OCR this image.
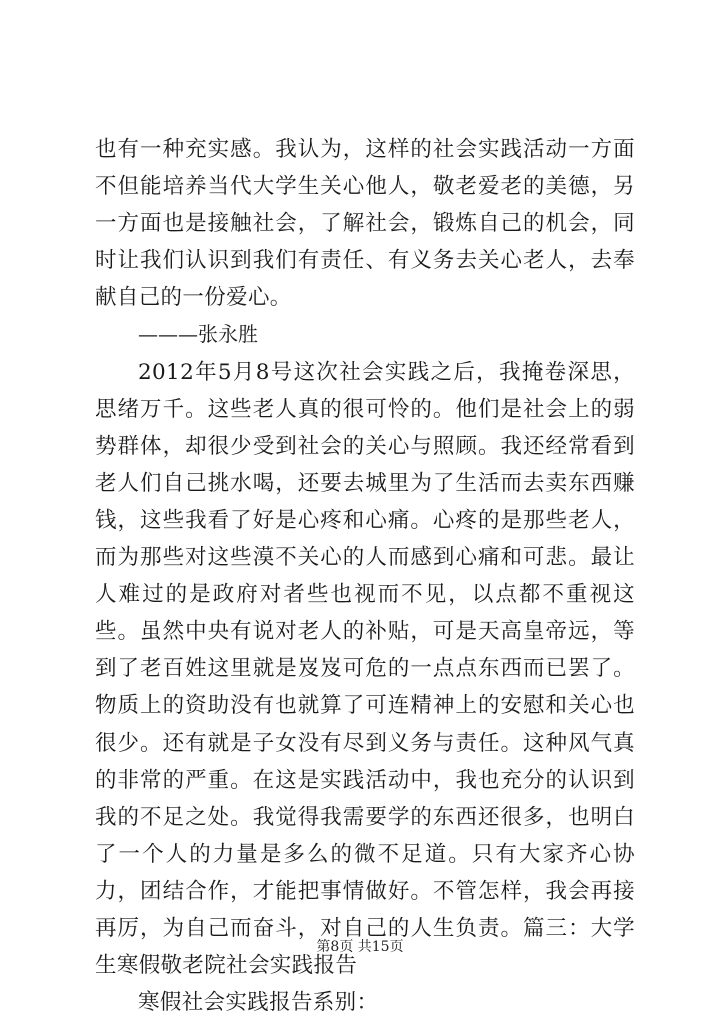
也有一种充实感。我认为，这样的社会实践活动一方面不但能培养当代大学生关心他人，敬老爱老的美德，另一方面也是接触社会，了解社会，锻炼自己的机会，同时让我们认识到我们有责任、有义务去关心老人，去奉献自己的一份爱心。

———张永胜

2012年5月8号这次社会实践之后，我掩卷深思，思绪万千。这些老人真的很可怜的。他们是社会上的弱势群体，却很少受到社会的关心与照顾。我还经常看到老人们自己挑水喝，还要去城里为了生活而去卖东西赚钱，这些我看了好是心疼和心痛。心疼的是那些老人，而为那些对这些漠不关心的人而感到心痛和可悲。最让人难过的是政府对者些也视而不见，以点都不重视这些。虽然中央有说对老人的补贴，可是天高皇帝远，等到了老百姓这里就是岌岌可危的一点点东西而已罢了。物质上的资助没有也就算了可连精神上的安慰和关心也很少。还有就是子女没有尽到义务与责任。这种风气真的非常的严重。在这是实践活动中，我也充分的认识到我的不足之处。我觉得我需要学的东西还很多，也明白了一个人的力量是多么的微不足道。只有大家齐心协力，团结合作，才能把事情做好。不管怎样，我会再接再厉，为自己而奋斗，对自己的人生负责。篇三：大学生寒假敬老院社会实践报告

寒假社会实践报告系别：

第8页 共15页
